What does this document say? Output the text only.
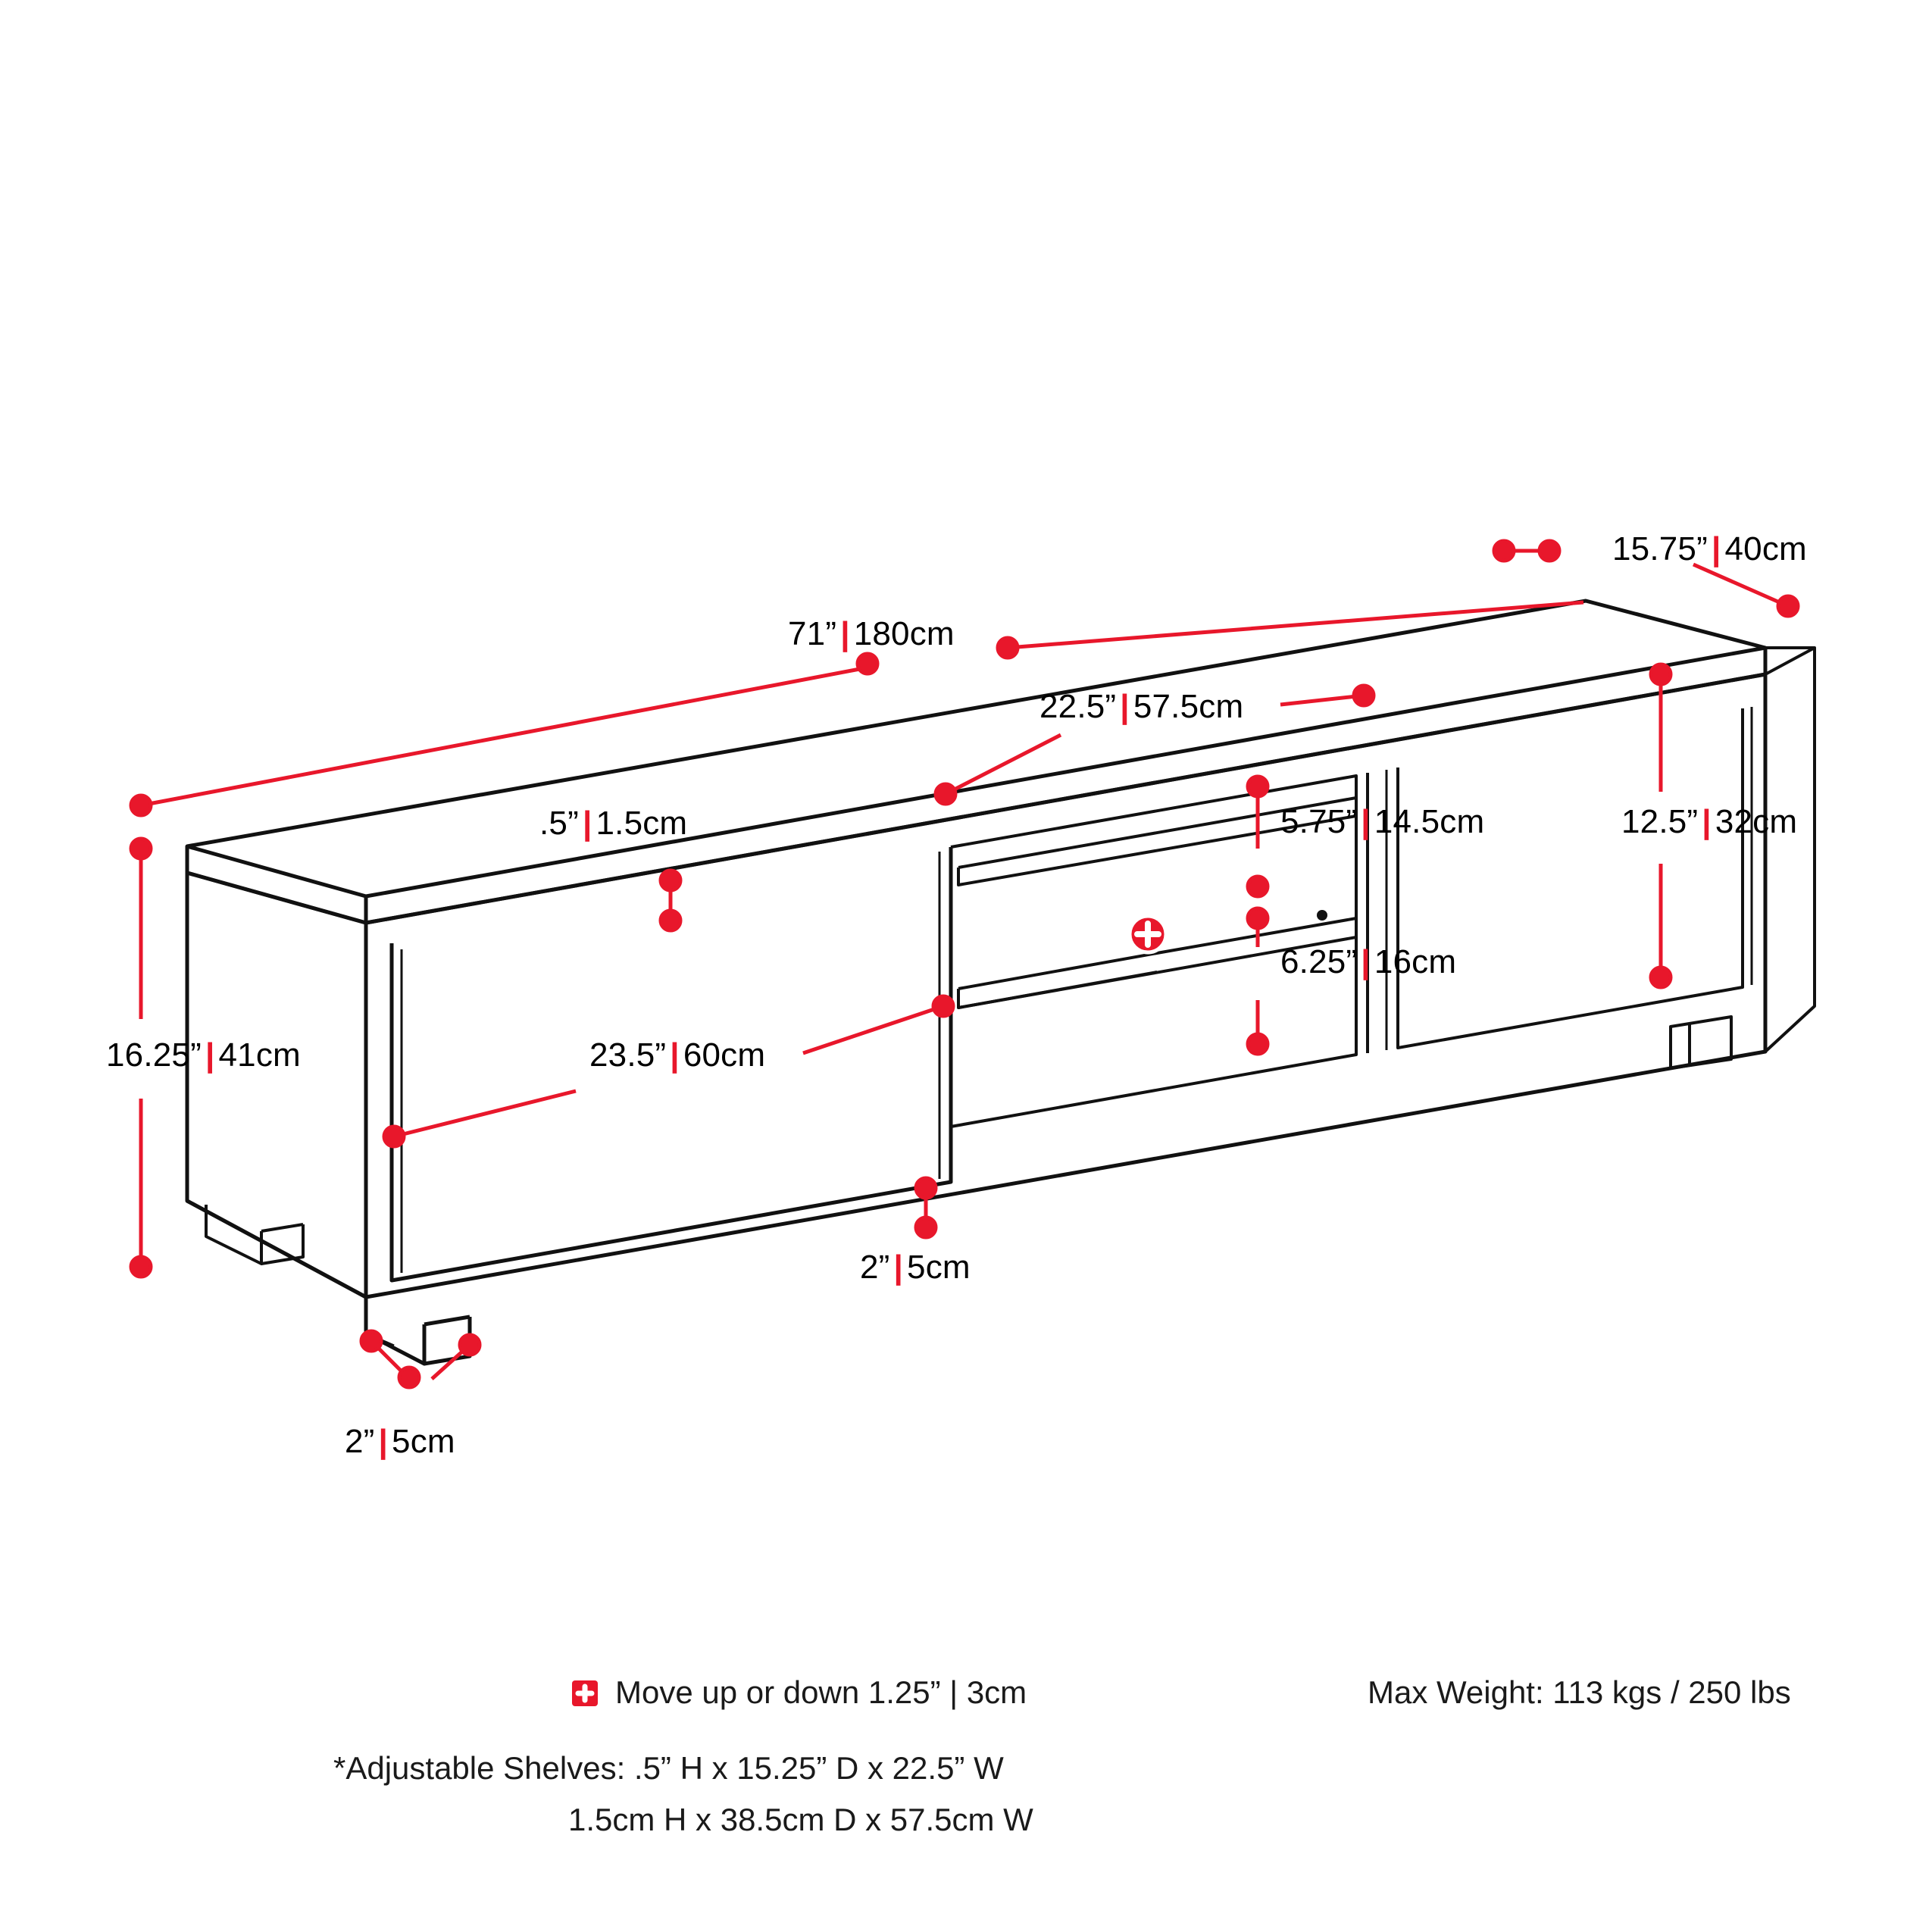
15.75” | 40cm
71” | 180cm
22.5” | 57.5cm
.5” | 1.5cm	5.75” | 14.5cm	12.5” | 32cm
6.25” | 16cm
23.5” | 60cm
16.25” | 41cm
2” | 5cm
2” | 5cm
Move up or down 1.25” | 3cm	Max Weight: 113 kgs / 250 lbs
*Adjustable Shelves: .5” H x 15.25” D x 22.5” W
1.5cm H x 38.5cm D x 57.5cm W
